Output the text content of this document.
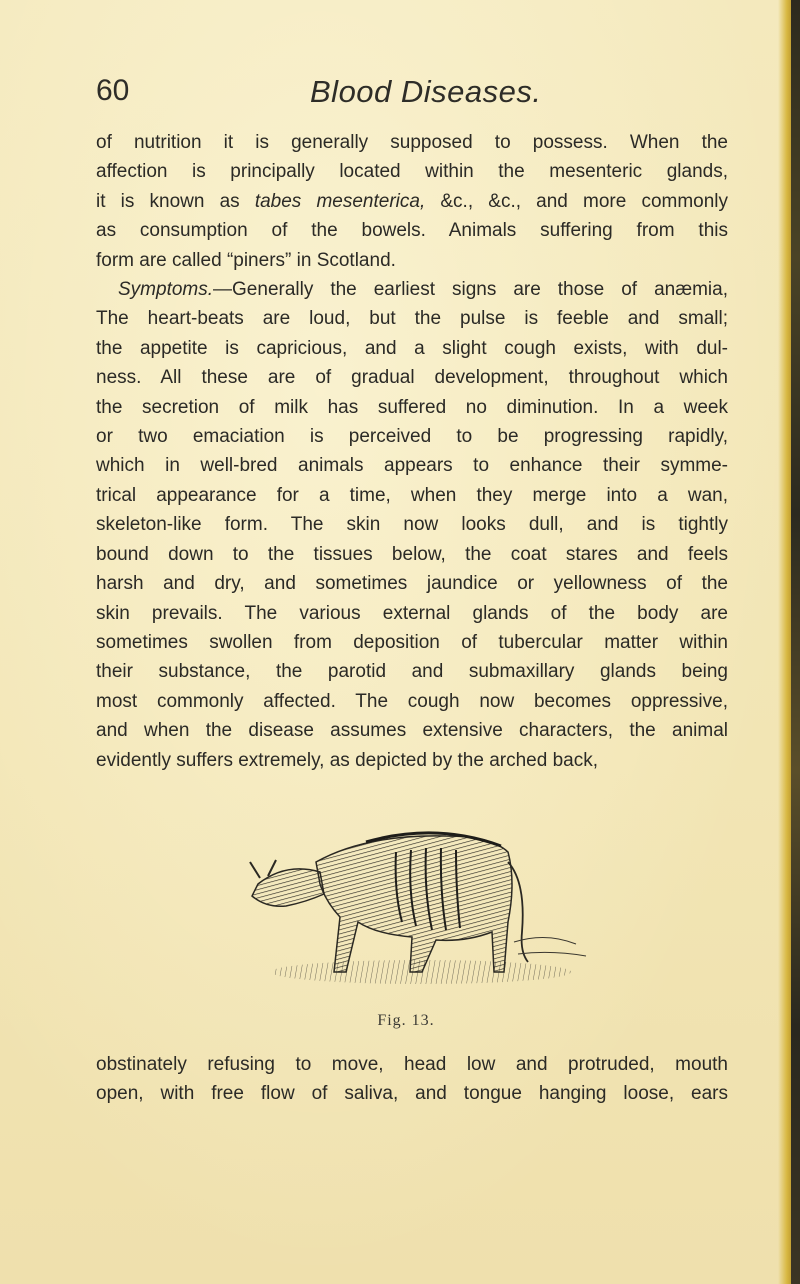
60	Blood Diseases.
of nutrition it is generally supposed to possess. When the
affection is principally located within the mesenteric glands,
it is known as tabes mesenterica, &c., &c., and more commonly
as consumption of the bowels. Animals suffering from this
form are called “piners” in Scotland.
Symptoms.—Generally the earliest signs are those of anæmia,
The heart-beats are loud, but the pulse is feeble and small;
the appetite is capricious, and a slight cough exists, with dul-
ness. All these are of gradual development, throughout which
the secretion of milk has suffered no diminution. In a week
or two emaciation is perceived to be progressing rapidly,
which in well-bred animals appears to enhance their symme-
trical appearance for a time, when they merge into a wan,
skeleton-like form. The skin now looks dull, and is tightly
bound down to the tissues below, the coat stares and feels
harsh and dry, and sometimes jaundice or yellowness of the
skin prevails. The various external glands of the body are
sometimes swollen from deposition of tubercular matter within
their substance, the parotid and submaxillary glands being
most commonly affected. The cough now becomes oppressive,
and when the disease assumes extensive characters, the animal
evidently suffers extremely, as depicted by the arched back,
Fig. 13.
obstinately refusing to move, head low and protruded, mouth
open, with free flow of saliva, and tongue hanging loose, ears
